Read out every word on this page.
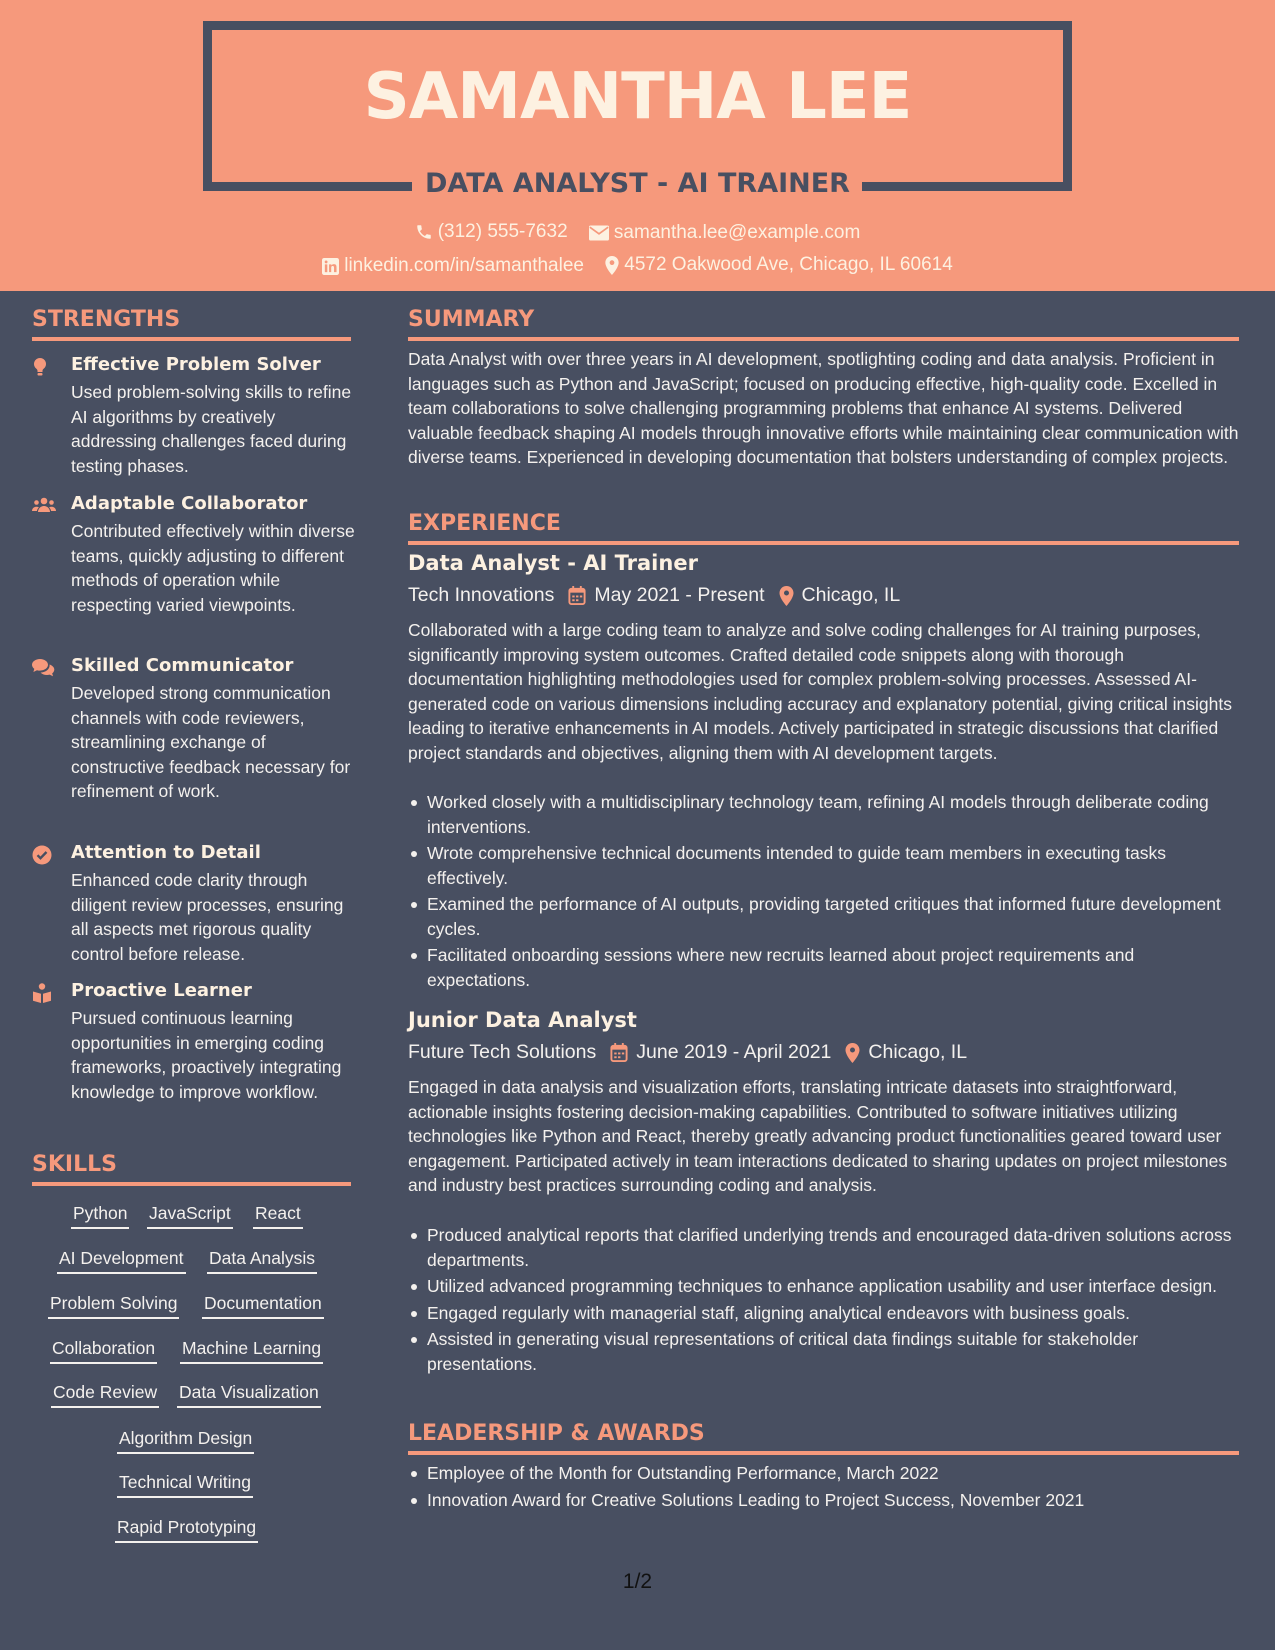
SAMANTHA LEE
DATA ANALYST - AI TRAINER
(312) 555-7632
samantha.lee@example.com
linkedin.com/in/samanthalee
4572 Oakwood Ave, Chicago, IL 60614
STRENGTHS
Effective Problem Solver
Used problem-solving skills to refine AI algorithms by creatively addressing challenges faced during testing phases.
Adaptable Collaborator
Contributed effectively within diverse teams, quickly adjusting to different methods of operation while respecting varied viewpoints.
Skilled Communicator
Developed strong communication channels with code reviewers, streamlining exchange of constructive feedback necessary for refinement of work.
Attention to Detail
Enhanced code clarity through diligent review processes, ensuring all aspects met rigorous quality control before release.
Proactive Learner
Pursued continuous learning opportunities in emerging coding frameworks, proactively integrating knowledge to improve workflow.
SKILLS
Python JavaScript React
AI Development Data Analysis
Problem Solving Documentation
Collaboration Machine Learning
Code Review Data Visualization
Algorithm Design
Technical Writing
Rapid Prototyping
SUMMARY
Data Analyst with over three years in AI development, spotlighting coding and data analysis. Proficient in languages such as Python and JavaScript; focused on producing effective, high-quality code. Excelled in team collaborations to solve challenging programming problems that enhance AI systems. Delivered valuable feedback shaping AI models through innovative efforts while maintaining clear communication with diverse teams. Experienced in developing documentation that bolsters understanding of complex projects.
EXPERIENCE
Data Analyst - AI Trainer
Tech Innovations May 2021 - Present Chicago, IL
Collaborated with a large coding team to analyze and solve coding challenges for AI training purposes, significantly improving system outcomes. Crafted detailed code snippets along with thorough documentation highlighting methodologies used for complex problem-solving processes. Assessed AI-generated code on various dimensions including accuracy and explanatory potential, giving critical insights leading to iterative enhancements in AI models. Actively participated in strategic discussions that clarified project standards and objectives, aligning them with AI development targets.
Worked closely with a multidisciplinary technology team, refining AI models through deliberate coding interventions.
Wrote comprehensive technical documents intended to guide team members in executing tasks effectively.
Examined the performance of AI outputs, providing targeted critiques that informed future development cycles.
Facilitated onboarding sessions where new recruits learned about project requirements and expectations.
Junior Data Analyst
Future Tech Solutions June 2019 - April 2021 Chicago, IL
Engaged in data analysis and visualization efforts, translating intricate datasets into straightforward, actionable insights fostering decision-making capabilities. Contributed to software initiatives utilizing technologies like Python and React, thereby greatly advancing product functionalities geared toward user engagement. Participated actively in team interactions dedicated to sharing updates on project milestones and industry best practices surrounding coding and analysis.
Produced analytical reports that clarified underlying trends and encouraged data-driven solutions across departments.
Utilized advanced programming techniques to enhance application usability and user interface design.
Engaged regularly with managerial staff, aligning analytical endeavors with business goals.
Assisted in generating visual representations of critical data findings suitable for stakeholder presentations.
LEADERSHIP & AWARDS
Employee of the Month for Outstanding Performance, March 2022
Innovation Award for Creative Solutions Leading to Project Success, November 2021
1/2
